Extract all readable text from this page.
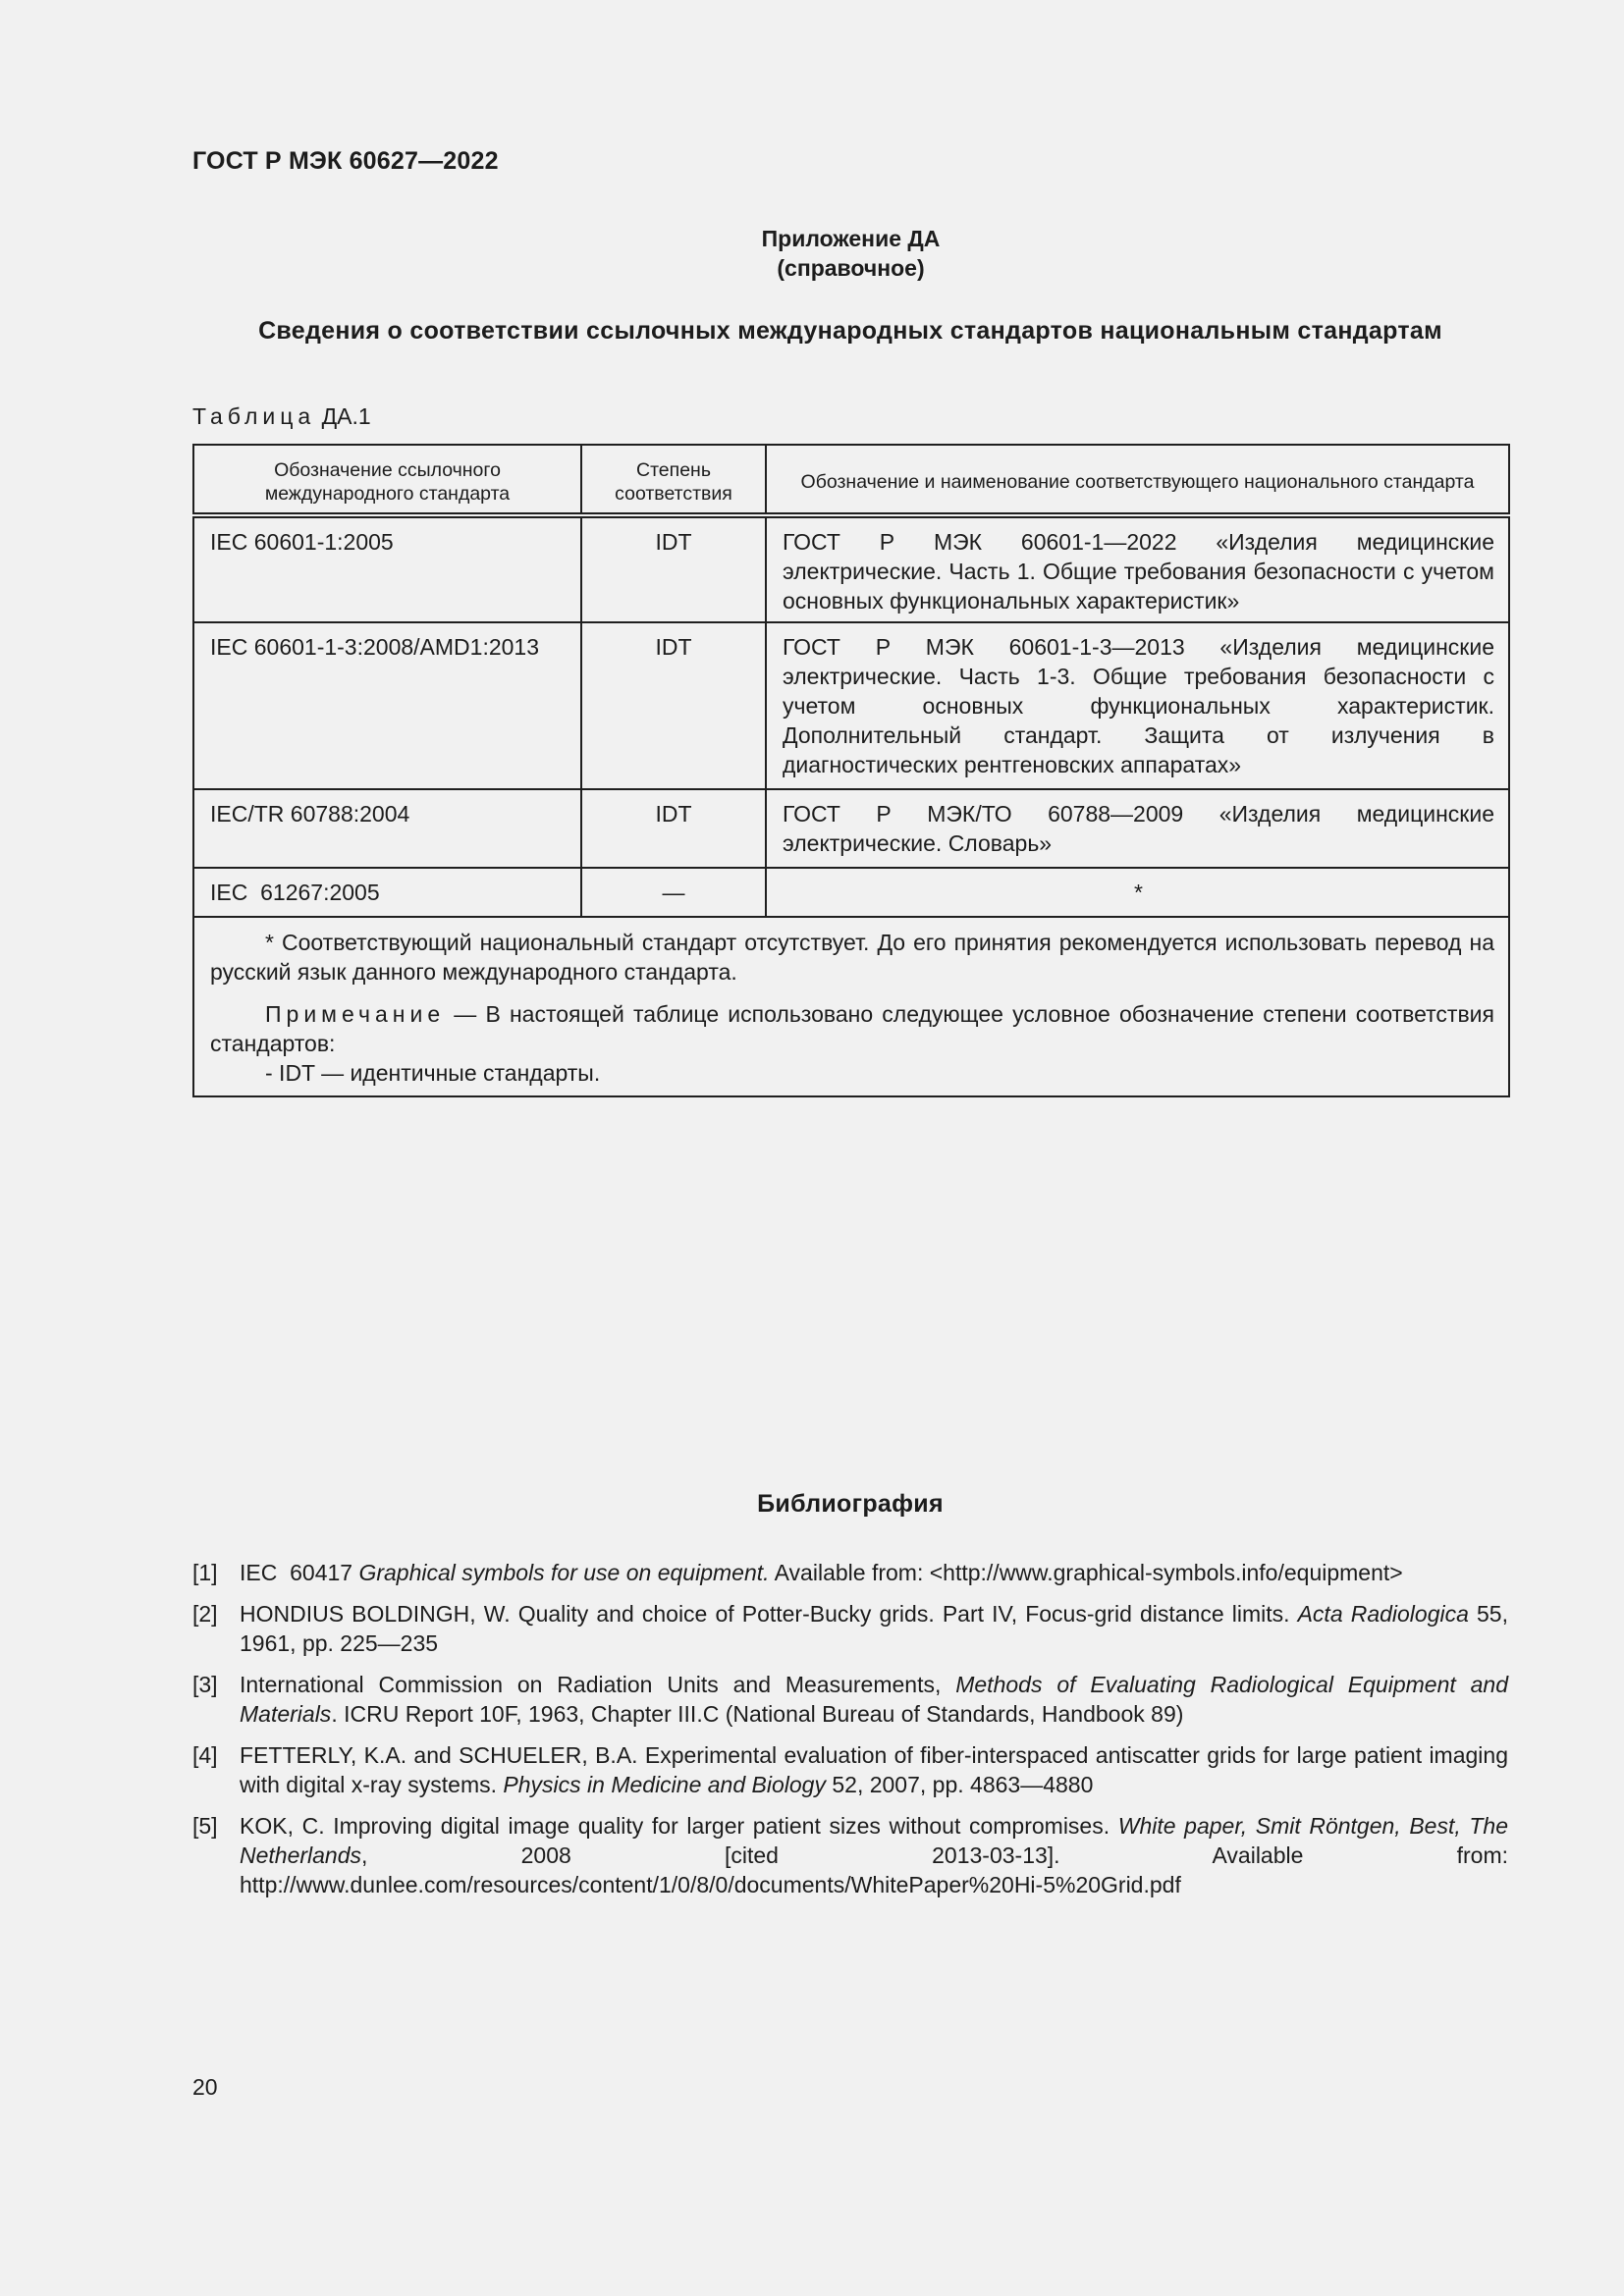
ГОСТ Р МЭК 60627—2022
Приложение ДА
(справочное)
Сведения о соответствии ссылочных международных стандартов национальным стандартам
Таблица ДА.1
Обозначение ссылочного международного стандарта	Степень соответствия	Обозначение и наименование соответствующего национального стандарта
IEC 60601-1:2005	IDT	ГОСТ Р МЭК 60601-1—2022 «Изделия медицинские электрические. Часть 1. Общие требования безопасности с учетом основных функциональных характеристик»
IEC 60601-1-3:2008/AMD1:2013	IDT	ГОСТ Р МЭК 60601-1-3—2013 «Изделия медицинские электрические. Часть 1-3. Общие требования безопасности с учетом основных функциональных характеристик. Дополнительный стандарт. Защита от излучения в диагностических рентгеновских аппаратах»
IEC/TR 60788:2004	IDT	ГОСТ Р МЭК/ТО 60788—2009 «Изделия медицинские электрические. Словарь»
IEC  61267:2005	—	*

* Соответствующий национальный стандарт отсутствует. До его принятия рекомендуется использовать перевод на русский язык данного международного стандарта.

Примечание — В настоящей таблице использовано следующее условное обозначение степени соответствия стандартов:

- IDT — идентичные стандарты.		

Библиография
[1] IEC  60417 Graphical symbols for use on equipment. Available from: <http://www.graphical-symbols.info/equipment>
[2] HONDIUS BOLDINGH, W. Quality and choice of Potter-Bucky grids. Part IV, Focus-grid distance limits. Acta Radiologica 55, 1961, pp. 225—235
[3] International Commission on Radiation Units and Measurements, Methods of Evaluating Radiological Equipment and Materials. ICRU Report 10F, 1963, Chapter III.C (National Bureau of Standards, Handbook 89)
[4] FETTERLY, K.A. and SCHUELER, B.A. Experimental evaluation of fiber-interspaced antiscatter grids for large patient imaging with digital x-ray systems. Physics in Medicine and Biology 52, 2007, pp. 4863—4880
[5] KOK, C. Improving digital image quality for larger patient sizes without compromises. White paper, Smit Röntgen, Best, The Netherlands, 2008 [cited 2013-03-13]. Available from: http://www.dunlee.com/resources/content/1/0/8/0/documents/WhitePaper%20Hi-5%20Grid.pdf
20
